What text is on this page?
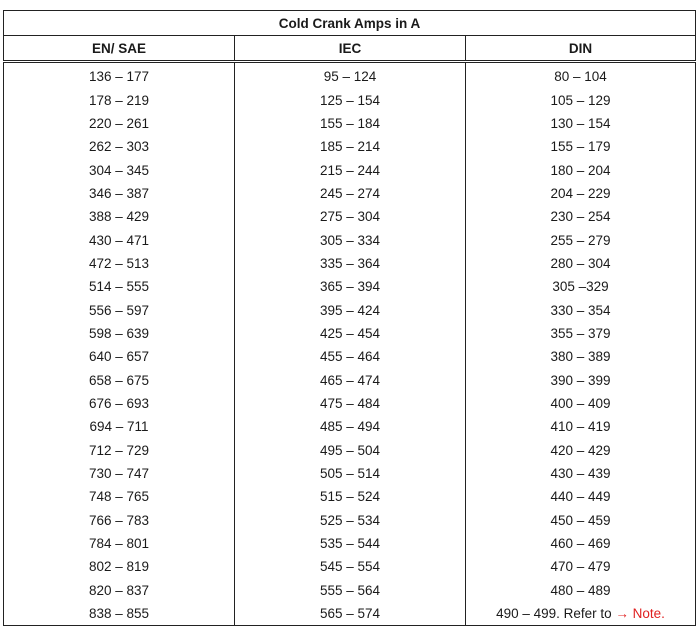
Cold Crank Amps in A		
EN/ SAE	IEC	DIN
136 – 177	95 – 124	80 – 104
178 – 219	125 – 154	105 – 129
220 – 261	155 – 184	130 – 154
262 – 303	185 – 214	155 – 179
304 – 345	215 – 244	180 – 204
346 – 387	245 – 274	204 – 229
388 – 429	275 – 304	230 – 254
430 – 471	305 – 334	255 – 279
472 – 513	335 – 364	280 – 304
514 – 555	365 – 394	305 –329
556 – 597	395 – 424	330 – 354
598 – 639	425 – 454	355 – 379
640 – 657	455 – 464	380 – 389
658 – 675	465 – 474	390 – 399
676 – 693	475 – 484	400 – 409
694 – 711	485 – 494	410 – 419
712 – 729	495 – 504	420 – 429
730 – 747	505 – 514	430 – 439
748 – 765	515 – 524	440 – 449
766 – 783	525 – 534	450 – 459
784 – 801	535 – 544	460 – 469
802 – 819	545 – 554	470 – 479
820 – 837	555 – 564	480 – 489
838 – 855	565 – 574	490 – 499. Refer to → Note.
